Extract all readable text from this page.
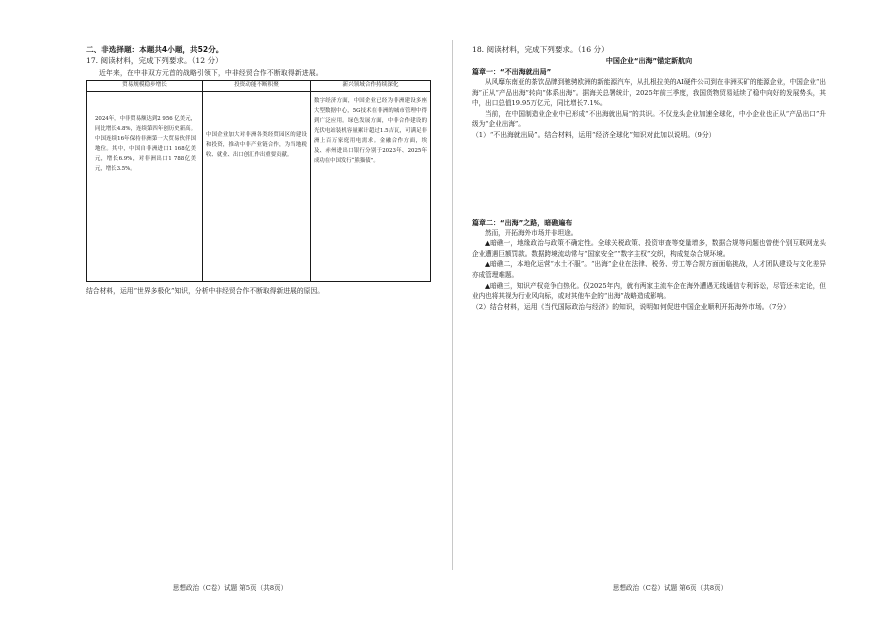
二、非选择题：本题共4小题，共52分。
17. 阅读材料，完成下列要求。（12 分）
近年来，在中非双方元首的战略引领下，中非经贸合作不断取得新进展。
贸易规模稳步增长	投资动能不断积聚	新兴领域合作持续深化
2024年，中非贸易额达到2 956 亿美元，同比增长4.8%，连续第四年创历史新高。中国连续16年保持非洲第一大贸易伙伴国地位。其中，中国自非洲进口1 168亿美元，增长6.9%，对非洲出口1 788亿美元，增长3.5%。	中国企业加大对非洲各类经贸园区的建设和投资，推动中非产业链合作，为当地税收、就业、出口创汇作出重要贡献。	数字经济方面，中国企业已经为非洲建设多座大型数据中心，5G技术在非洲的城市管理中得到广泛应用。绿色发展方面，中非合作建设的光伏电站装机容量累计超过1.5吉瓦，可满足非洲上百万家庭用电需求。金融合作方面，埃及、赤州进出口银行分别于2023年、2025年成功在中国发行“熊猫债”。
结合材料，运用“世界多极化”知识，分析中非经贸合作不断取得新进展的原因。
18. 阅读材料，完成下列要求。（16 分）
中国企业“出海”锚定新航向
篇章一：“不出海就出局”

从风靡东南亚的茶饮品牌到驰骋欧洲的新能源汽车，从扎根拉美的AI硬件公司到在非洲买矿的能源企业，中国企业“出海”正从“产品出海”转向“体系出海”。据海关总署统计，2025年前三季度，我国货物贸易延续了稳中向好的发展势头，其中，出口总值19.95万亿元，同比增长7.1%。

当前，在中国制造业企业中已形成“不出海就出局”的共识。不仅龙头企业加速全球化，中小企业也正从“产品出口”升级为“企业出海”。

（1）“不出海就出局”。结合材料，运用“经济全球化”知识对此加以说明。（9分）

篇章二：“出海”之路，暗礁遍布

然而，开拓海外市场并非坦途。

▲暗礁一，地缘政治与政策不确定性。全球关税政策、投资审查等变量增多，数据合规等问题也曾使个别互联网龙头企业遭遇巨额罚款。数据跨境流动常与“国家安全”“数字主权”交织，构成复杂合规环境。

▲暗礁二，本地化运营“水土不服”。“出海”企业在法律、税务、劳工等合规方面面临挑战，人才团队建设与文化差异亦成管理难题。

▲暗礁三，知识产权竞争白热化。仅2025年内，就有两家主流车企在海外遭遇无线通信专利诉讼，尽管还未定论，但业内也将其视为行业风向标，或对其他车企的“出海”战略造成影响。

（2）结合材料，运用《当代国际政治与经济》的知识，说明如何促进中国企业顺利开拓海外市场。（7分）

思想政治（C卷）试题 第5页（共8页）	思想政治（C卷）试题 第6页（共8页）
